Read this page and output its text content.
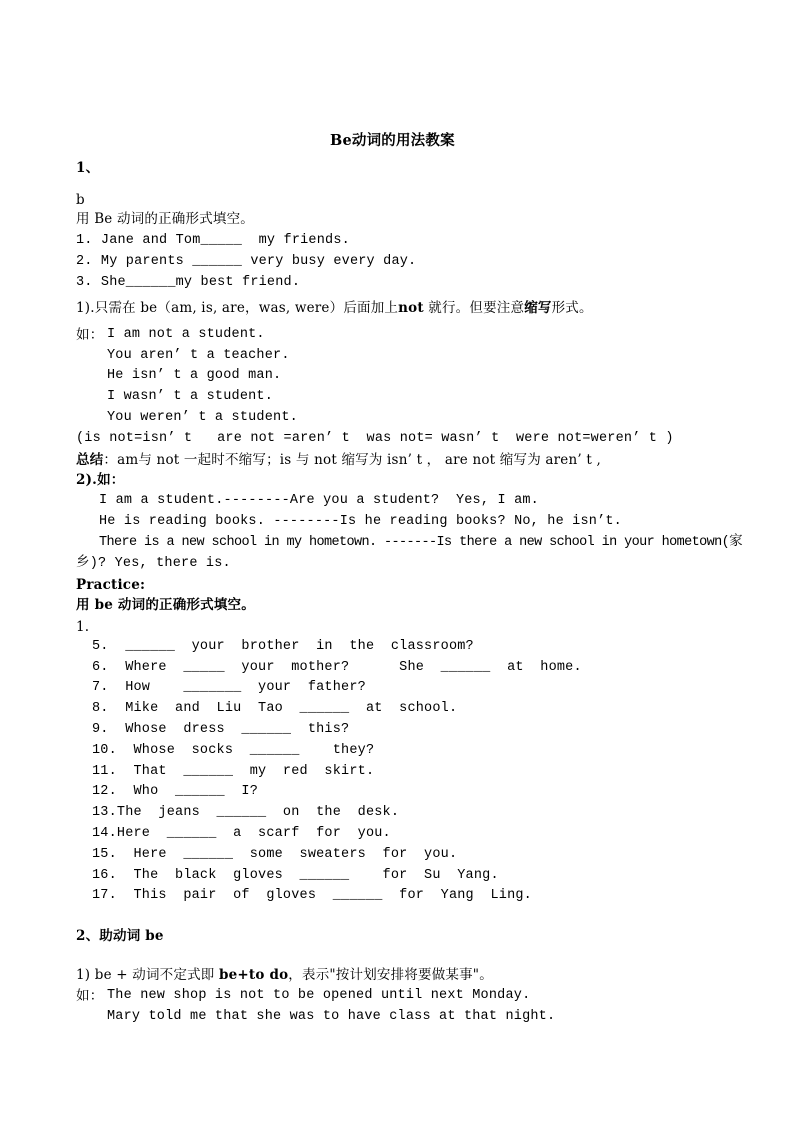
Be动词的用法教案
1、
b
用 Be 动词的正确形式填空。
1. Jane and Tom_____  my friends.
2. My parents ______ very busy every day.
3. She______my best friend.
1).只需在 be（am, is, are，was, were）后面加上not 就行。但要注意缩写形式。
如： I am not a student.
You aren’ t a teacher.
He isn’ t a good man.
I wasn’ t a student.
You weren’ t a student.
(is not=isn’ t   are not =aren’ t  was not= wasn’ t  were not=weren’ t )
总结：am与 not 一起时不缩写；is 与 not 缩写为 isn’ t ， are not 缩写为 aren’ t ,
2).如：
I am a student.--------Are you a student?  Yes, I am.
He is reading books. --------Is he reading books? No, he isn’t.
There is a new school in my hometown. -------Is there a new school in your hometown(家
乡)? Yes, there is.
Practice:
用 be 动词的正确形式填空。
1.
5.  ______  your  brother  in  the  classroom?
6.  Where  _____  your  mother?      She  ______  at  home.
7.  How    _______  your  father?
8.  Mike  and  Liu  Tao  ______  at  school.
9.  Whose  dress  ______  this?
10.  Whose  socks  ______    they?
11.  That  ______  my  red  skirt.
12.  Who  ______  I?
13.The  jeans  ______  on  the  desk.
14.Here  ______  a  scarf  for  you.
15.  Here  ______  some  sweaters  for  you.
16.  The  black  gloves  ______    for  Su  Yang.
17.  This  pair  of  gloves  ______  for  Yang  Ling.
2、助动词 be
1) be + 动词不定式即 be+to do，表示"按计划安排将要做某事"。
如： The new shop is not to be opened until next Monday.
Mary told me that she was to have class at that night.
